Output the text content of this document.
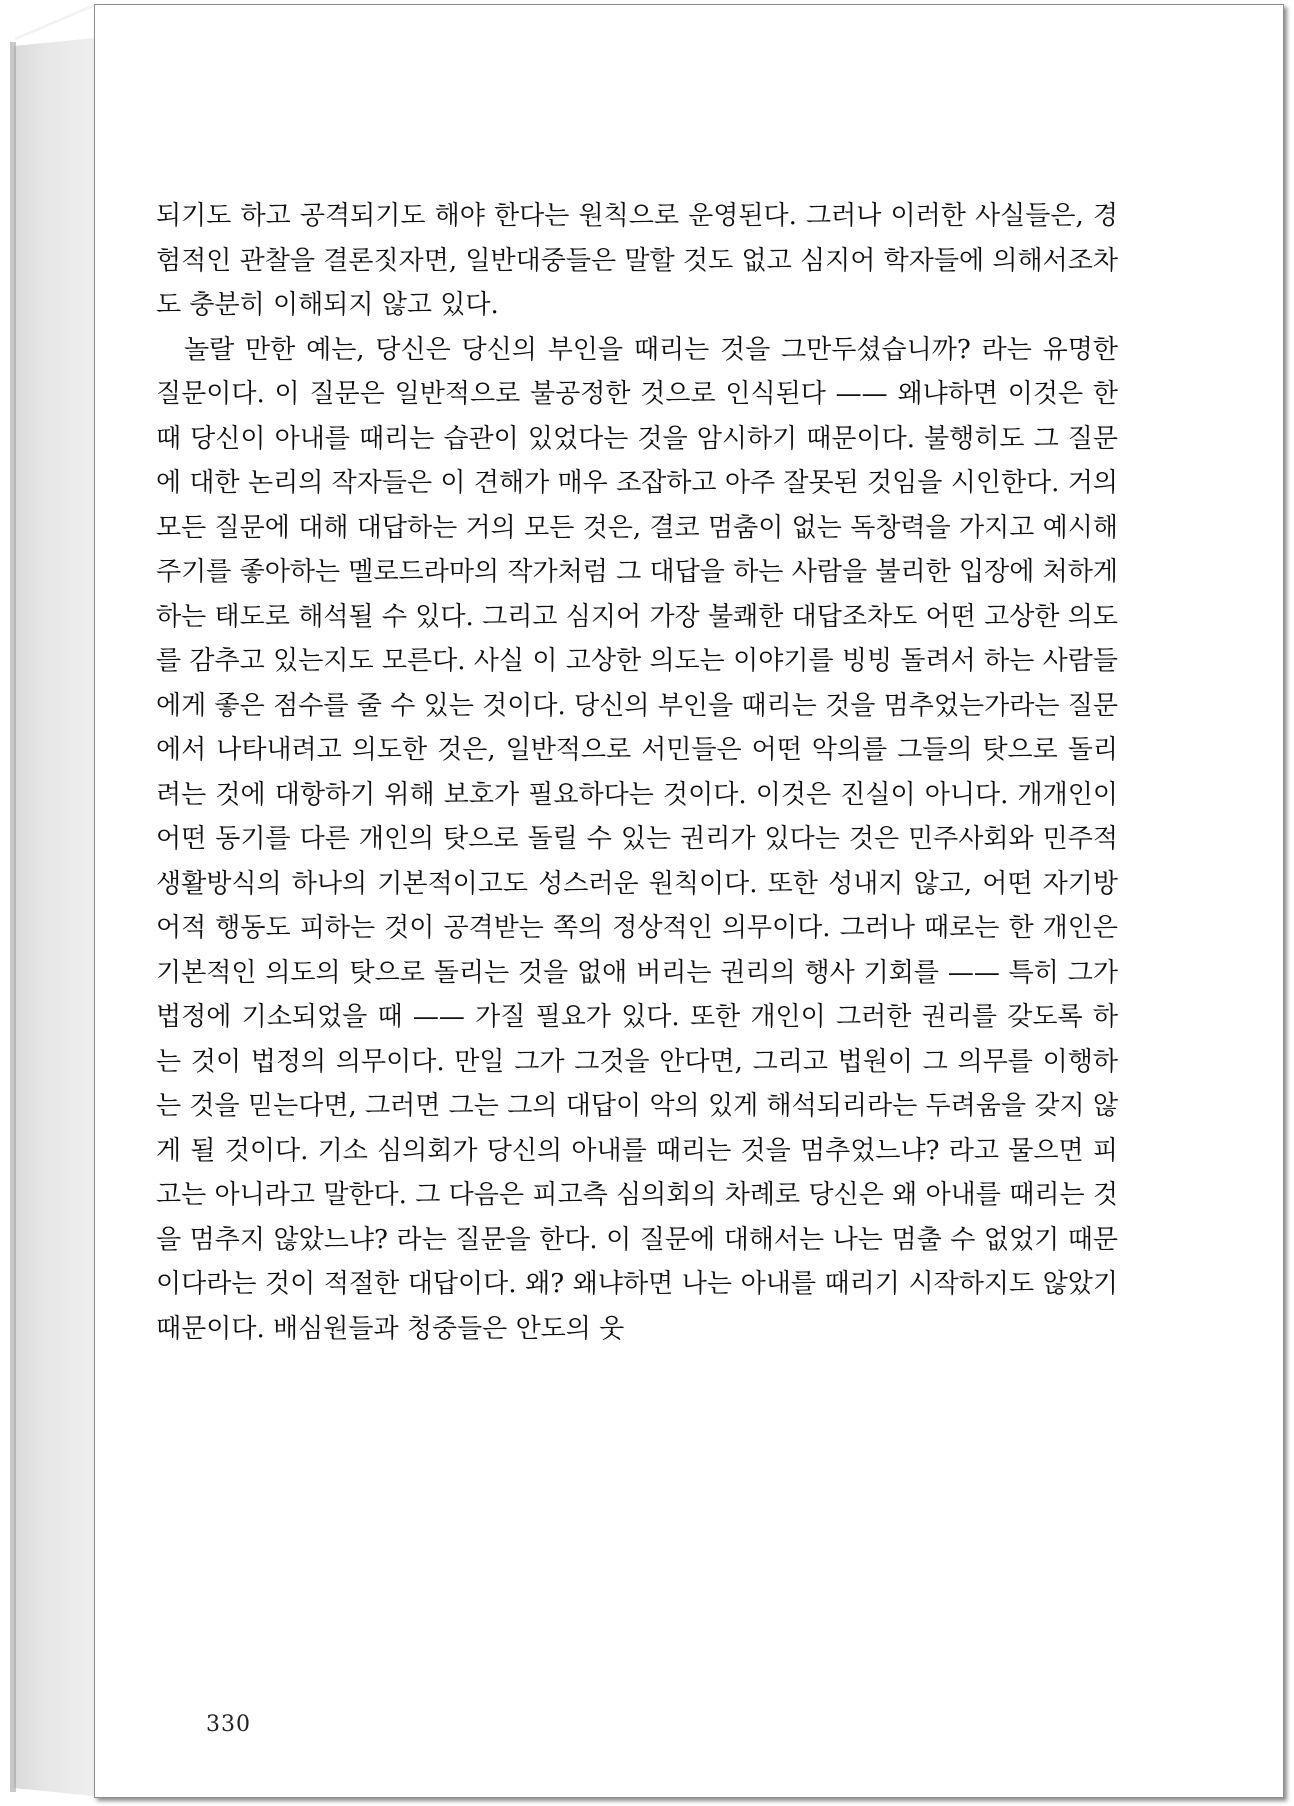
되기도 하고 공격되기도 해야 한다는 원칙으로 운영된다. 그러나 이러한 사실들은, 경험적인 관찰을 결론짓자면, 일반대중들은 말할 것도 없고 심지어 학자들에 의해서조차도 충분히 이해되지 않고 있다.

놀랄 만한 예는, 당신은 당신의 부인을 때리는 것을 그만두셨습니까? 라는 유명한 질문이다. 이 질문은 일반적으로 불공정한 것으로 인식된다 —— 왜냐하면 이것은 한때 당신이 아내를 때리는 습관이 있었다는 것을 암시하기 때문이다. 불행히도 그 질문에 대한 논리의 작자들은 이 견해가 매우 조잡하고 아주 잘못된 것임을 시인한다. 거의 모든 질문에 대해 대답하는 거의 모든 것은, 결코 멈춤이 없는 독창력을 가지고 예시해 주기를 좋아하는 멜로드라마의 작가처럼 그 대답을 하는 사람을 불리한 입장에 처하게 하는 태도로 해석될 수 있다. 그리고 심지어 가장 불쾌한 대답조차도 어떤 고상한 의도를 감추고 있는지도 모른다. 사실 이 고상한 의도는 이야기를 빙빙 돌려서 하는 사람들에게 좋은 점수를 줄 수 있는 것이다. 당신의 부인을 때리는 것을 멈추었는가라는 질문에서 나타내려고 의도한 것은, 일반적으로 서민들은 어떤 악의를 그들의 탓으로 돌리려는 것에 대항하기 위해 보호가 필요하다는 것이다. 이것은 진실이 아니다. 개개인이 어떤 동기를 다른 개인의 탓으로 돌릴 수 있는 권리가 있다는 것은 민주사회와 민주적 생활방식의 하나의 기본적이고도 성스러운 원칙이다. 또한 성내지 않고, 어떤 자기방어적 행동도 피하는 것이 공격받는 쪽의 정상적인 의무이다. 그러나 때로는 한 개인은 기본적인 의도의 탓으로 돌리는 것을 없애 버리는 권리의 행사 기회를 —— 특히 그가 법정에 기소되었을 때 —— 가질 필요가 있다. 또한 개인이 그러한 권리를 갖도록 하는 것이 법정의 의무이다. 만일 그가 그것을 안다면, 그리고 법원이 그 의무를 이행하는 것을 믿는다면, 그러면 그는 그의 대답이 악의 있게 해석되리라는 두려움을 갖지 않게 될 것이다. 기소 심의회가 당신의 아내를 때리는 것을 멈추었느냐? 라고 물으면 피고는 아니라고 말한다. 그 다음은 피고측 심의회의 차례로 당신은 왜 아내를 때리는 것을 멈추지 않았느냐? 라는 질문을 한다. 이 질문에 대해서는 나는 멈출 수 없었기 때문이다라는 것이 적절한 대답이다. 왜? 왜냐하면 나는 아내를 때리기 시작하지도 않았기 때문이다. 배심원들과 청중들은 안도의 웃

330
